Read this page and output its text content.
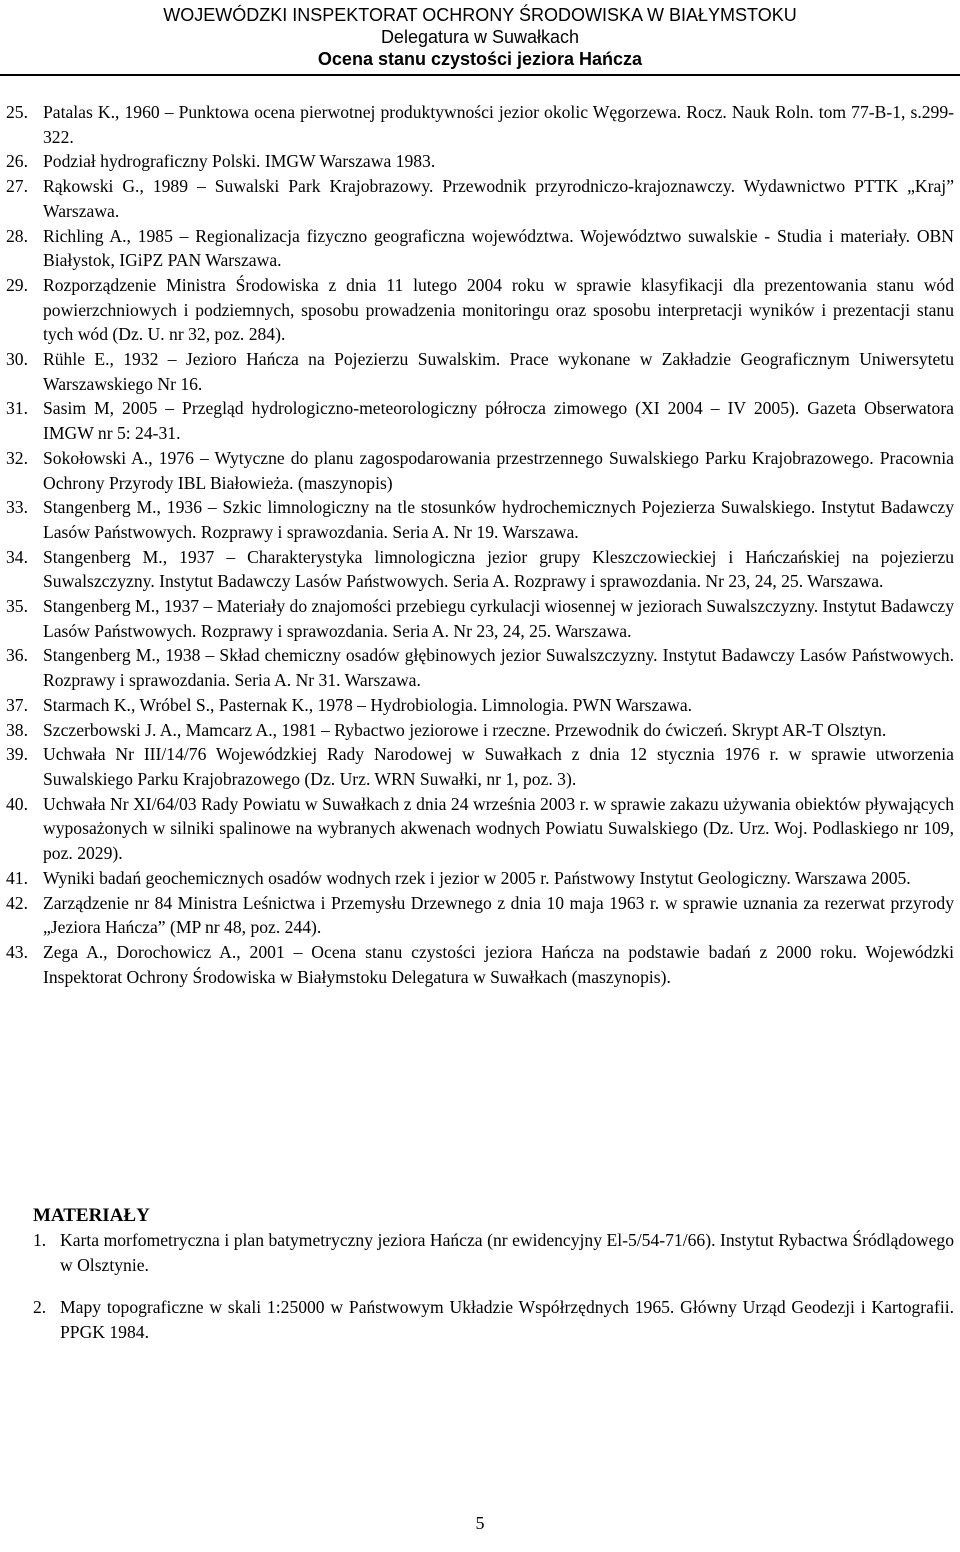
WOJEWÓDZKI INSPEKTORAT OCHRONY ŚRODOWISKA W BIAŁYMSTOKU
Delegatura w Suwałkach
Ocena stanu czystości jeziora Hańcza
25. Patalas K., 1960 – Punktowa ocena pierwotnej produktywności jezior okolic Węgorzewa. Rocz. Nauk Roln. tom 77-B-1, s.299-322.
26. Podział hydrograficzny Polski. IMGW Warszawa 1983.
27. Rąkowski G., 1989 – Suwalski Park Krajobrazowy. Przewodnik przyrodniczo-krajoznawczy. Wydawnictwo PTTK „Kraj” Warszawa.
28. Richling A., 1985 – Regionalizacja fizyczno geograficzna województwa. Województwo suwalskie - Studia i materiały. OBN Białystok, IGiPZ PAN Warszawa.
29. Rozporządzenie Ministra Środowiska z dnia 11 lutego 2004 roku w sprawie klasyfikacji dla prezentowania stanu wód powierzchniowych i podziemnych, sposobu prowadzenia monitoringu oraz sposobu interpretacji wyników i prezentacji stanu tych wód (Dz. U. nr 32, poz. 284).
30. Rühle E., 1932 – Jezioro Hańcza na Pojezierzu Suwalskim. Prace wykonane w Zakładzie Geograficznym Uniwersytetu Warszawskiego Nr 16.
31. Sasim M, 2005 – Przegląd hydrologiczno-meteorologiczny półrocza zimowego (XI 2004 – IV 2005). Gazeta Obserwatora IMGW nr 5: 24-31.
32. Sokołowski A., 1976 – Wytyczne do planu zagospodarowania przestrzennego Suwalskiego Parku Krajobrazowego. Pracownia Ochrony Przyrody IBL Białowieża. (maszynopis)
33. Stangenberg M., 1936 – Szkic limnologiczny na tle stosunków hydrochemicznych Pojezierza Suwalskiego. Instytut Badawczy Lasów Państwowych. Rozprawy i sprawozdania. Seria A. Nr 19. Warszawa.
34. Stangenberg M., 1937 – Charakterystyka limnologiczna jezior grupy Kleszczowieckiej i Hańczańskiej na pojezierzu Suwalszczyzny. Instytut Badawczy Lasów Państwowych. Seria A. Rozprawy i sprawozdania. Nr 23, 24, 25. Warszawa.
35. Stangenberg M., 1937 – Materiały do znajomości przebiegu cyrkulacji wiosennej w jeziorach Suwalszczyzny. Instytut Badawczy Lasów Państwowych. Rozprawy i sprawozdania. Seria A. Nr 23, 24, 25. Warszawa.
36. Stangenberg M., 1938 – Skład chemiczny osadów głębinowych jezior Suwalszczyzny. Instytut Badawczy Lasów Państwowych. Rozprawy i sprawozdania. Seria A. Nr 31. Warszawa.
37. Starmach K., Wróbel S., Pasternak K., 1978 – Hydrobiologia. Limnologia. PWN Warszawa.
38. Szczerbowski J. A., Mamcarz A., 1981 – Rybactwo jeziorowe i rzeczne. Przewodnik do ćwiczeń. Skrypt AR-T Olsztyn.
39. Uchwała Nr III/14/76 Wojewódzkiej Rady Narodowej w Suwałkach z dnia 12 stycznia 1976 r. w sprawie utworzenia Suwalskiego Parku Krajobrazowego (Dz. Urz. WRN Suwałki, nr 1, poz. 3).
40. Uchwała Nr XI/64/03 Rady Powiatu w Suwałkach z dnia 24 września 2003 r. w sprawie zakazu używania obiektów pływających wyposażonych w silniki spalinowe na wybranych akwenach wodnych Powiatu Suwalskiego (Dz. Urz. Woj. Podlaskiego nr 109, poz. 2029).
41. Wyniki badań geochemicznych osadów wodnych rzek i jezior w 2005 r. Państwowy Instytut Geologiczny. Warszawa 2005.
42. Zarządzenie nr 84 Ministra Leśnictwa i Przemysłu Drzewnego z dnia 10 maja 1963 r. w sprawie uznania za rezerwat przyrody „Jeziora Hańcza” (MP nr 48, poz. 244).
43. Zega A., Dorochowicz A., 2001 – Ocena stanu czystości jeziora Hańcza na podstawie badań z 2000 roku. Wojewódzki Inspektorat Ochrony Środowiska w Białymstoku Delegatura w Suwałkach (maszynopis).
MATERIAŁY
1. Karta morfometryczna i plan batymetryczny jeziora Hańcza (nr ewidencyjny El-5/54-71/66). Instytut Rybactwa Śródlądowego w Olsztynie.
2. Mapy topograficzne w skali 1:25000 w Państwowym Układzie Współrzędnych 1965. Główny Urząd Geodezji i Kartografii. PPGK 1984.
5
